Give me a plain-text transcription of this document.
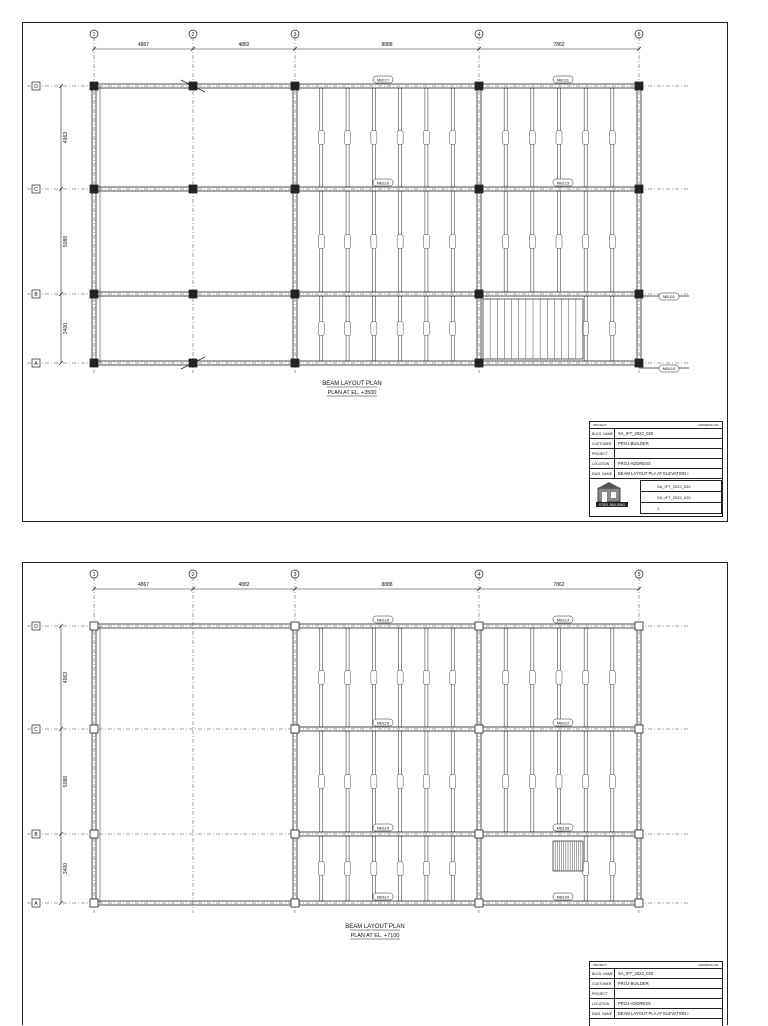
1	2	3	4	5
4867	4882	8888	7862
D
C
B
A
4963
5088
3400
MB117	MB111
MB116	MB115
MB111
MB110
BEAM LAYOUT PLAN
PLAN AT EL. +3500
PROJECT	DRAWING NO.
BLDG. NAME	SA_IFT_2022_020
CUSTOMER	PROJ-BUILDER
PROJECT
LOCATION	PROJ-ADDRESS
DWG. NAME	BEAM LAYOUT PLA AT ELEVATION I
STEEL BUILDING
SA_IFT_2022_020
SA_IFT_2022_020
1
1	2	3	4	5
4867	4882	8888	7862
D
C
B
A
4963
5088
3400
MB116	MB114
MB118	MB112
MB119	MB108
MB117	MB109
BEAM LAYOUT PLAN
PLAN AT EL. +7100
PROJECT	DRAWING NO.
BLDG. NAME	SA_IFT_2022_020
CUSTOMER	PROJ-BUILDER
PROJECT
LOCATION	PROJ-ADDRESS
DWG. NAME	BEAM LAYOUT PLA AT ELEVATION I
